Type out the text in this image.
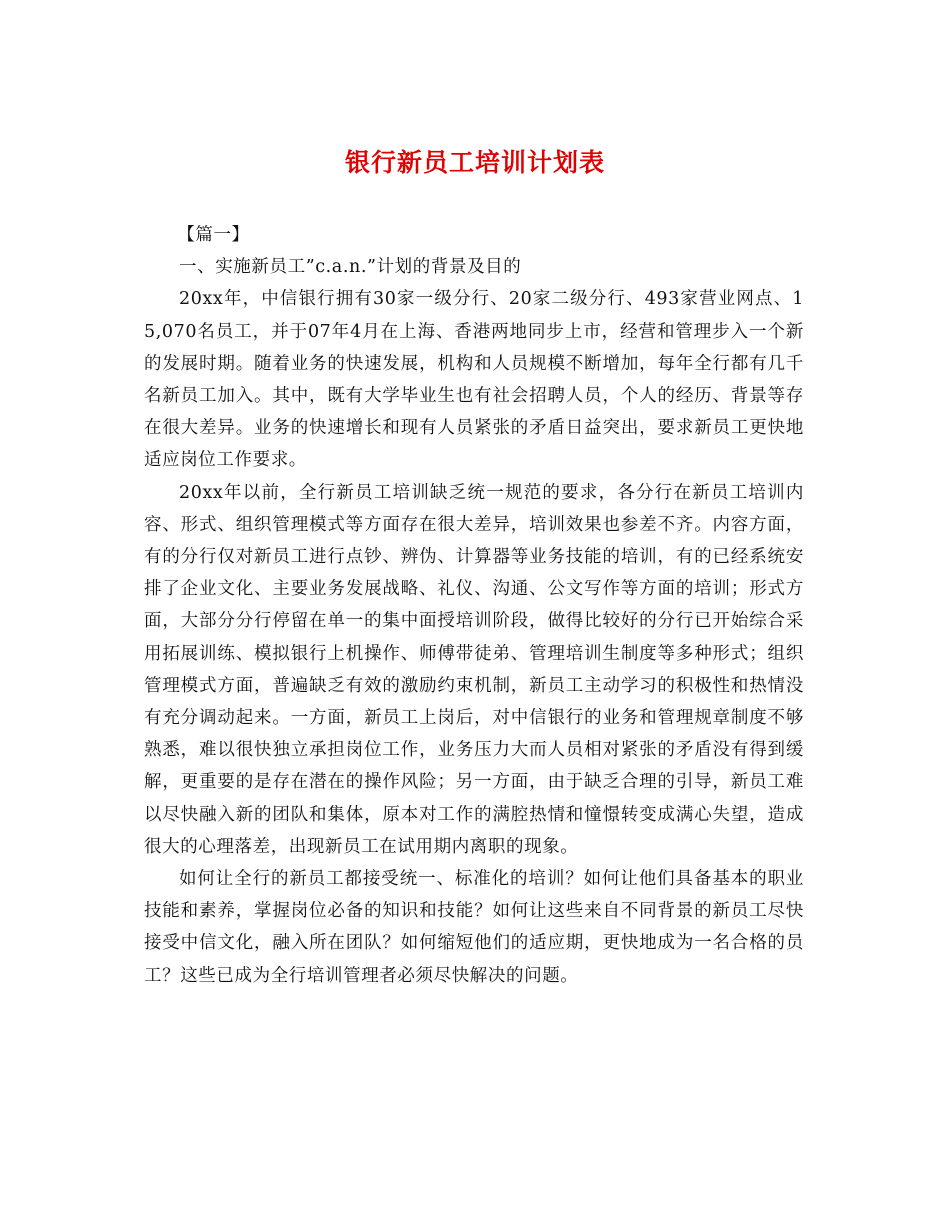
银行新员工培训计划表

【篇一】

一、实施新员工”c.a.n.”计划的背景及目的

20xx年，中信银行拥有30家一级分行、20家二级分行、493家营业网点、15,070名员工，并于07年4月在上海、香港两地同步上市，经营和管理步入一个新的发展时期。随着业务的快速发展，机构和人员规模不断增加，每年全行都有几千名新员工加入。其中，既有大学毕业生也有社会招聘人员，个人的经历、背景等存在很大差异。业务的快速增长和现有人员紧张的矛盾日益突出，要求新员工更快地适应岗位工作要求。

20xx年以前，全行新员工培训缺乏统一规范的要求，各分行在新员工培训内容、形式、组织管理模式等方面存在很大差异，培训效果也参差不齐。内容方面，有的分行仅对新员工进行点钞、辨伪、计算器等业务技能的培训，有的已经系统安排了企业文化、主要业务发展战略、礼仪、沟通、公文写作等方面的培训；形式方面，大部分分行停留在单一的集中面授培训阶段，做得比较好的分行已开始综合采用拓展训练、模拟银行上机操作、师傅带徒弟、管理培训生制度等多种形式；组织管理模式方面，普遍缺乏有效的激励约束机制，新员工主动学习的积极性和热情没有充分调动起来。一方面，新员工上岗后，对中信银行的业务和管理规章制度不够熟悉，难以很快独立承担岗位工作，业务压力大而人员相对紧张的矛盾没有得到缓解，更重要的是存在潜在的操作风险；另一方面，由于缺乏合理的引导，新员工难以尽快融入新的团队和集体，原本对工作的满腔热情和憧憬转变成满心失望，造成很大的心理落差，出现新员工在试用期内离职的现象。

如何让全行的新员工都接受统一、标准化的培训？如何让他们具备基本的职业技能和素养，掌握岗位必备的知识和技能？如何让这些来自不同背景的新员工尽快接受中信文化，融入所在团队？如何缩短他们的适应期，更快地成为一名合格的员工？这些已成为全行培训管理者必须尽快解决的问题。
